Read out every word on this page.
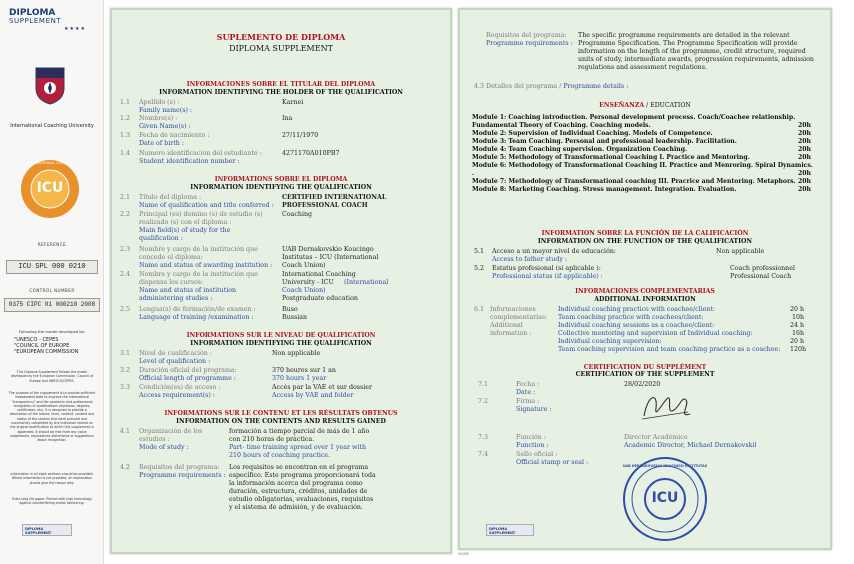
DIPLOMA
SUPPLEMENT
★★★★
International Coaching University
ICU
INTERNATIONAL COACHES
REFERENCE
ICU SPL 000 0210
CONTROL NUMBER
0375 CIPC 01 000210 2008
Following the model developed by:
"UNESCO - CEPES
"COUNCIL OF EUROPE
"EUROPEAN COMMISSION
This Diploma Supplement follows the model developed by the European Commission, Council of Europe and UNESCO/CEPES.
The purpose of the supplement is to provide sufficient independent data to improve the international "transparency" and fair academic and professional recognition of qualifications (diplomas, degrees, certificates, etc). It is designed to provide a description of the nature, level, context, content and status of the studies that were pursued and successfully completed by the individual named on the original qualification to which this supplement is appended. It should be free from any value judgements, equivalence statements or suggestions about recognition.
Information in all eight sections should be provided. Where information is not provided, an explanation should give the reason why.
Extra long life paper. Printed with high technology against counterfeiting and/or tampering.
DIPLOMA SUPPLEMENT
SUPLEMENTO DE DIPLOMA
DIPLOMA SUPPLEMENT
INFORMACIONES SOBRE EL TITULAR DEL DIPLOMA
INFORMATION IDENTIFYING THE HOLDER OF THE QUALIFICATION
1.1 Apellido (s) :
Family name(s) :
Karnei
1.2 Nombre(s) :
Given Name(s) :
Ina
1.3 Fecha de nacimiento :
Date of birth :
27/11/1970
1.4 Numero identificacion del estudiante :
Student identification number :
4271170A010PB7
INFORMATIONS SOBRE EL DIPLOMA
INFORMATION IDENTIFYING THE QUALIFICATION
2.1 Título del diploma :
Name of qualification and title conferred :
CERTIFIED INTERNATIONAL
PROFESSIONAL COACH
2.2 Principal (es) domino (s) de estudio (s)
realizado (s) con el diploma :
Main field(s) of study for the
qualification :
Coaching
2.3 Nombre y cargo de la institución que
concede el diploma:
Name and status of awarding institution :
UAB Dernakovskio Koucingo
Institutas – ICU (International
Coach Union)
2.4 Nombre y cargo de la institución que
dispensa los cursos:
Name and status of institution
administering studies :
International Coaching
University - ICU (International
Coach Union)
Postgraduate education
2.5 Lengua(s) de formación/de examen :
Language of training /examination :
Ruso
Russian
INFORMATIONS SUR LE NIVEAU DE QUALIFICATION
INFORMATION IDENTIFYING THE QUALIFICATION
3.1 Nivel de cualificación :
Level of qualification :
Non applicable
3.2 Duración oficial del programa:
Official length of programme :
370 heures sur 1 an
370 hours 1 year
3.3 Condición(es) de acceso :
Access requirement(s) :
Accès par la VAE et sur dossier
Access by VAE and folder
INFORMATIONS SUR LE CONTENU ET LES RÉSULTATS OBTENUS
INFORMATION ON THE CONTENTS AND RESULTS GAINED
4.1 Organización de los
estudios :
Mode of study :
formación a tiempo parcial de más de 1 año
con 210 horas de práctica.
Part- time training spread over 1 year with
210 hours of coaching practice.
4.2 Requisitos del programa:
Programme requirements :
Los requisitos se encontran en el programa
específico. Este programa proporcionará toda
la información acerca del programa como
duración, estructura, créditos, unidades de
estudio obligatorias, evaluaciones, requisitos
y el sistema de admisión, y de evaluación.
Requisitos del programa:
Programme requirements :
The specific programme requirements are detailed in the relevant
Programme Specification. The Programme Specification will provide
information on the length of the programme, credit structure, required
units of study, intermediate awards, progression requirements, admission
regulations and assessment regulations.
4.3 Detalles del programa / Programme details :
ENSEÑANZA / EDUCATION
Module 1: Coaching introduction. Personal development process. Coach/Coachee relationship.
Fundamental Theory of Coaching. Coaching models.	20h
Module 2: Supervision of Individual Coaching. Models of Competence.	20h
Module 3: Team Coaching. Personal and professional leadership. Facilitation.	20h
Module 4: Team Coaching supervision. Organization Coaching.	20h
Module 5: Methodology of Transformational Coaching I. Practice and Mentoring.	20h
Module 6: Methodology of Transformational Coaching II. Practice and Menroring. Spiral Dynamics.
.	20h
Module 7: Methodology of Transformational coaching III. Pracrice and Mentoring. Metaphors. 20h
Module 8: Marketing Coaching. Stress management. Integration. Evaluation.	20h
INFORMATION SOBRE LA FUNCIÓN DE LA CALIFICACIÓN
INFORMATION ON THE FUNCTION OF THE QUALIFICATION
5.1 Acceso a un mayor nivel de educación:
Access to father study :
Non applicable
5.2 Estatus profesional (si aplicable ):
Professional status (if applicable) :
Coach professionnel
Professional Coach
INFORMACIONES COMPLEMENTARIAS
ADDITIONAL INFORMATION
6.1 Informaciones
complementarias:
Additional
information :
Individual coaching practice with coachee/client:	20 h
Team coaching practice with coachees/client:	10h
Individual coaching sessions as a coachee/client:	24 h
Collective mentoring and supervision of Individual coaching:	16h
Individual coaching supervision:	20 h
Team coaching supervision and team coaching practice as a coachee: 120h
CERTIFICATION DU SUPPLÉMENT
CERTIFICATION OF THE SUPPLEMENT
7.1	Fecha :
Date :
28/02/2020
7.2	Firma :
Signature :
7.3	Función :
Function :
Director Académico
Academic Director, Michael Dernakovskil
7.4	Sello oficial :
Official stamp or seal :
ICU
UAB DERNAKOVSKIO KOUCINGO INSTITUTAS
DIPLOMA SUPPLEMENT
SIGNE
